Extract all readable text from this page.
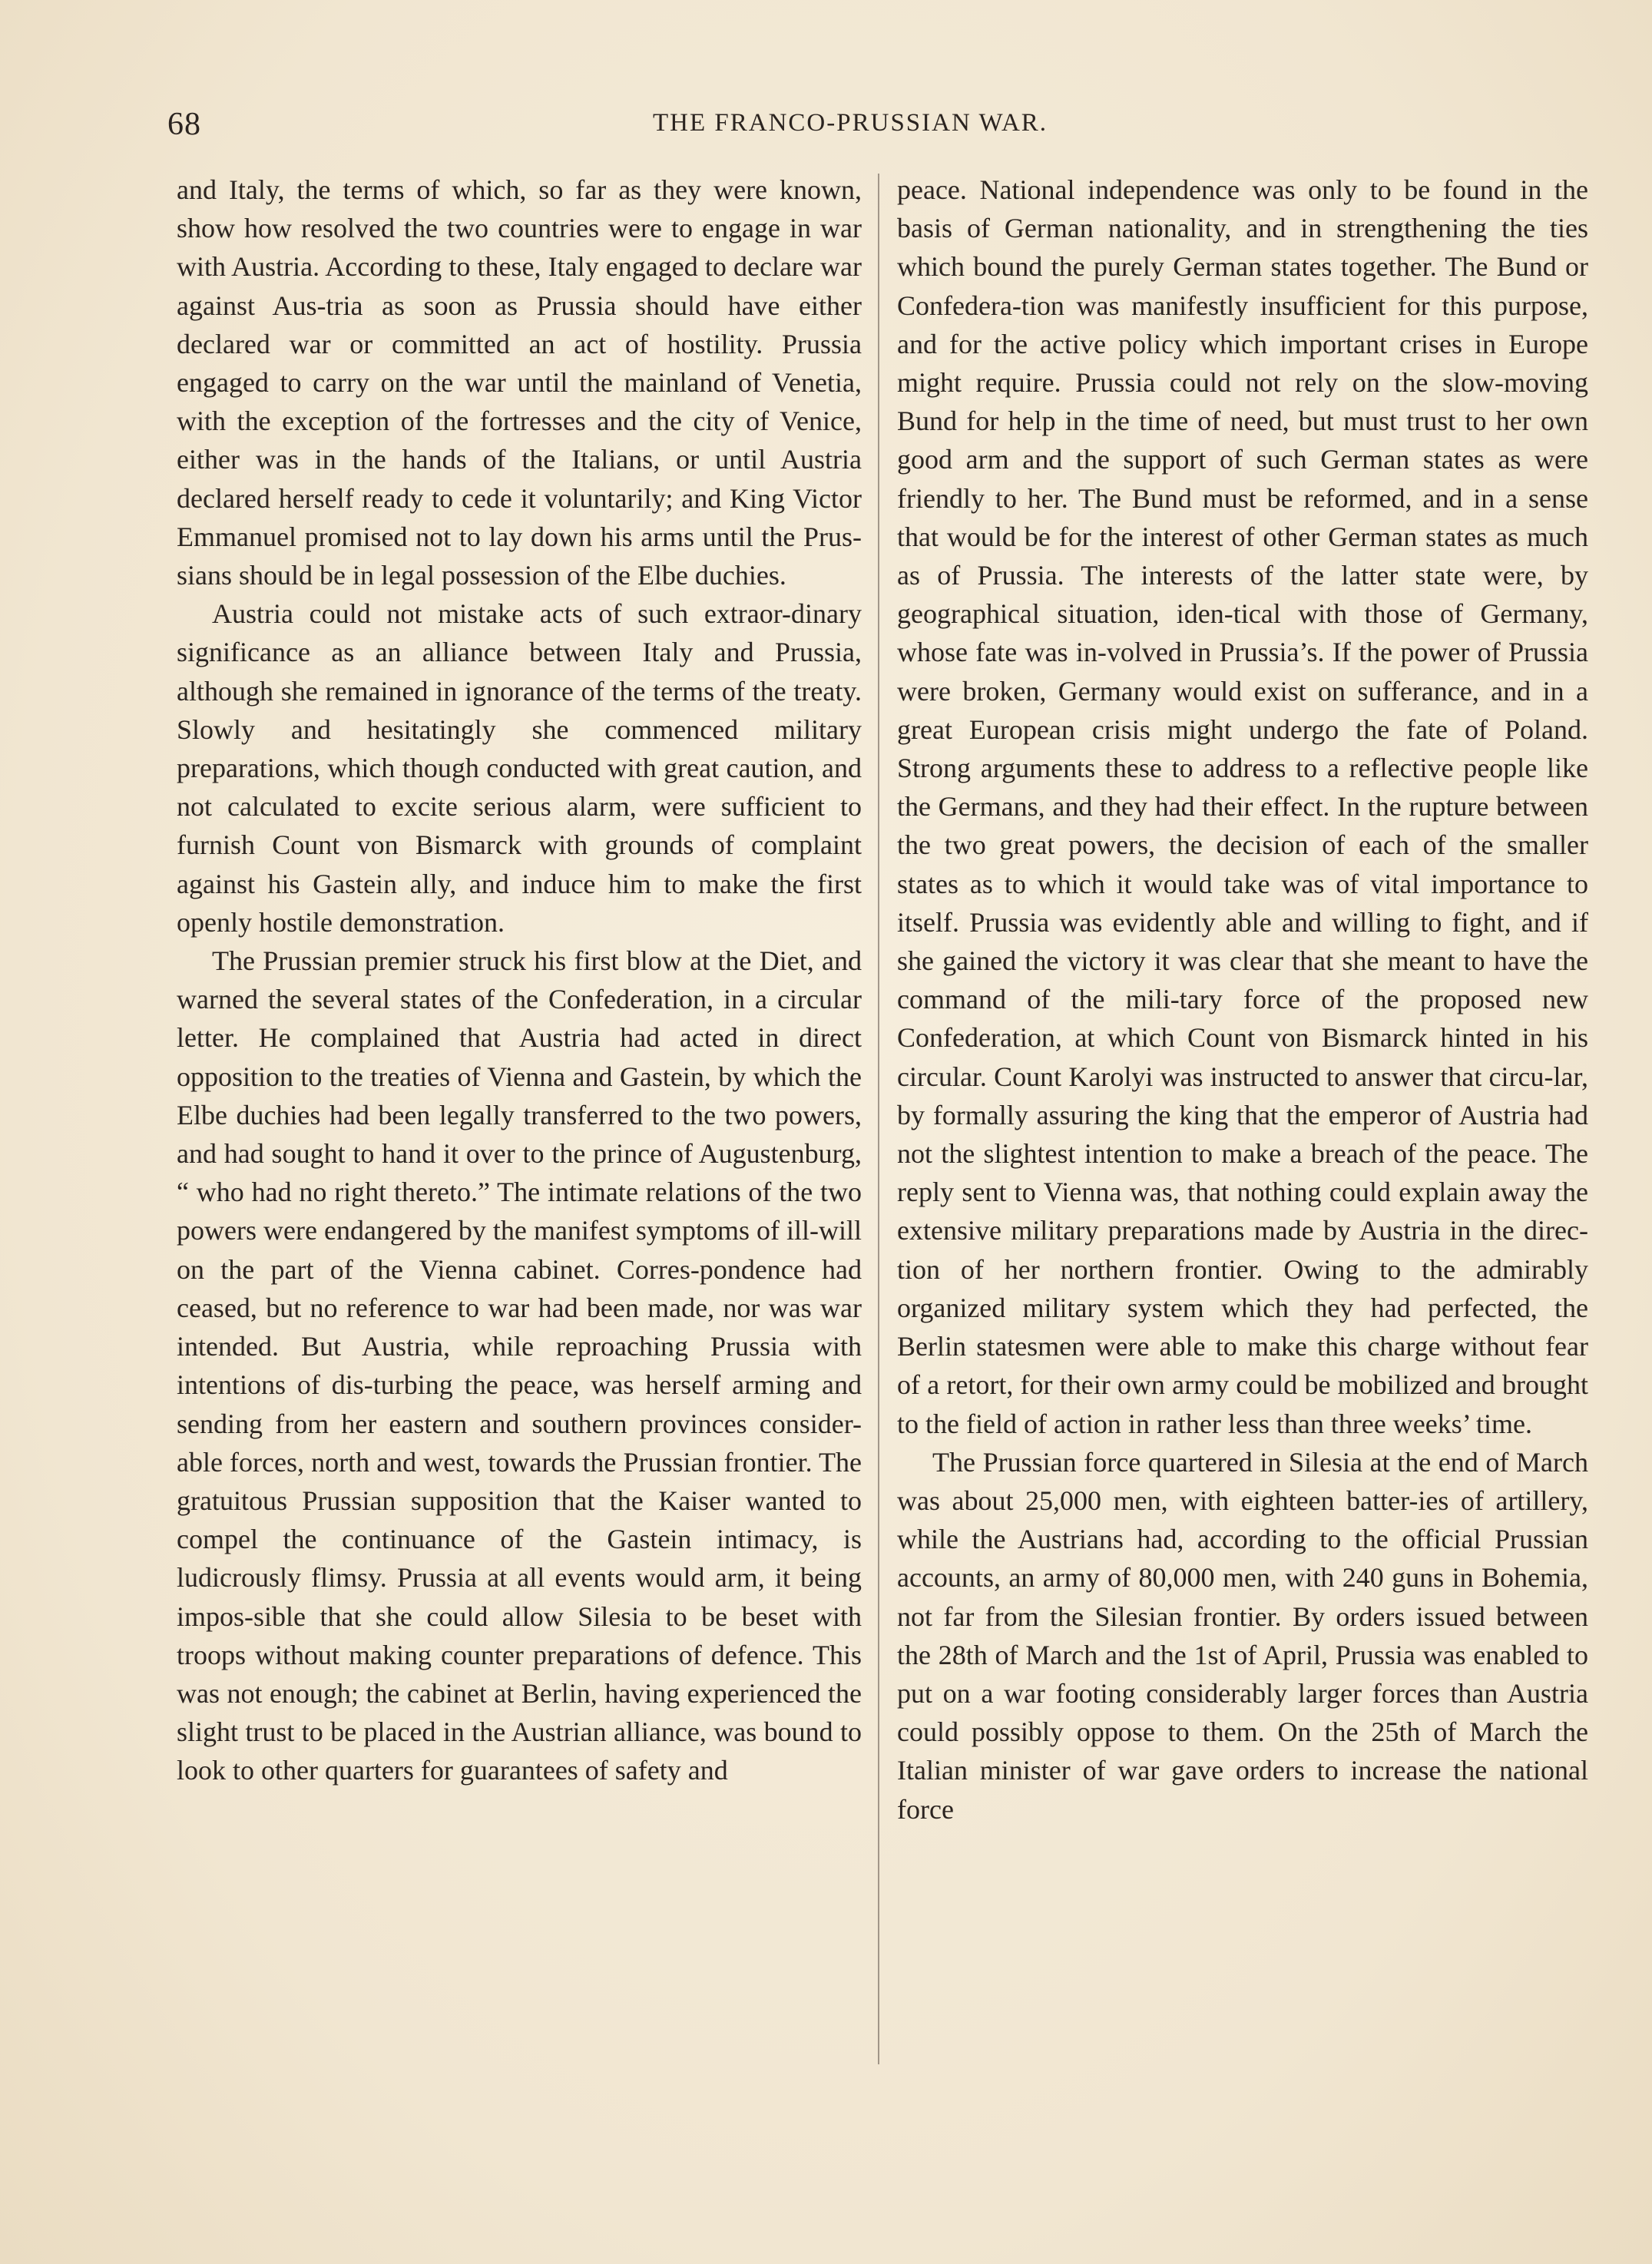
68	THE FRANCO-PRUSSIAN WAR.

and Italy, the terms of which, so far as they were known, show how resolved the two countries were to engage in war with Austria. According to these, Italy engaged to declare war against Aus-tria as soon as Prussia should have either declared war or committed an act of hostility. Prussia engaged to carry on the war until the mainland of Venetia, with the exception of the fortresses and the city of Venice, either was in the hands of the Italians, or until Austria declared herself ready to cede it voluntarily; and King Victor Emmanuel promised not to lay down his arms until the Prus-sians should be in legal possession of the Elbe duchies.

Austria could not mistake acts of such extraor-dinary significance as an alliance between Italy and Prussia, although she remained in ignorance of the terms of the treaty. Slowly and hesitatingly she commenced military preparations, which though conducted with great caution, and not calculated to excite serious alarm, were sufficient to furnish Count von Bismarck with grounds of complaint against his Gastein ally, and induce him to make the first openly hostile demonstration.

The Prussian premier struck his first blow at the Diet, and warned the several states of the Confederation, in a circular letter. He complained that Austria had acted in direct opposition to the treaties of Vienna and Gastein, by which the Elbe duchies had been legally transferred to the two powers, and had sought to hand it over to the prince of Augustenburg, “ who had no right thereto.” The intimate relations of the two powers were endangered by the manifest symptoms of ill-will on the part of the Vienna cabinet. Corres-pondence had ceased, but no reference to war had been made, nor was war intended. But Austria, while reproaching Prussia with intentions of dis-turbing the peace, was herself arming and sending from her eastern and southern provinces consider-able forces, north and west, towards the Prussian frontier. The gratuitous Prussian supposition that the Kaiser wanted to compel the continuance of the Gastein intimacy, is ludicrously flimsy. Prussia at all events would arm, it being impos-sible that she could allow Silesia to be beset with troops without making counter preparations of defence. This was not enough; the cabinet at Berlin, having experienced the slight trust to be placed in the Austrian alliance, was bound to look to other quarters for guarantees of safety and

peace. National independence was only to be found in the basis of German nationality, and in strengthening the ties which bound the purely German states together. The Bund or Confedera-tion was manifestly insufficient for this purpose, and for the active policy which important crises in Europe might require. Prussia could not rely on the slow-moving Bund for help in the time of need, but must trust to her own good arm and the support of such German states as were friendly to her. The Bund must be reformed, and in a sense that would be for the interest of other German states as much as of Prussia. The interests of the latter state were, by geographical situation, iden-tical with those of Germany, whose fate was in-volved in Prussia’s. If the power of Prussia were broken, Germany would exist on sufferance, and in a great European crisis might undergo the fate of Poland. Strong arguments these to address to a reflective people like the Germans, and they had their effect. In the rupture between the two great powers, the decision of each of the smaller states as to which it would take was of vital importance to itself. Prussia was evidently able and willing to fight, and if she gained the victory it was clear that she meant to have the command of the mili-tary force of the proposed new Confederation, at which Count von Bismarck hinted in his circular. Count Karolyi was instructed to answer that circu-lar, by formally assuring the king that the emperor of Austria had not the slightest intention to make a breach of the peace. The reply sent to Vienna was, that nothing could explain away the extensive military preparations made by Austria in the direc-tion of her northern frontier. Owing to the admirably organized military system which they had perfected, the Berlin statesmen were able to make this charge without fear of a retort, for their own army could be mobilized and brought to the field of action in rather less than three weeks’ time.

The Prussian force quartered in Silesia at the end of March was about 25,000 men, with eighteen batter-ies of artillery, while the Austrians had, according to the official Prussian accounts, an army of 80,000 men, with 240 guns in Bohemia, not far from the Silesian frontier. By orders issued between the 28th of March and the 1st of April, Prussia was enabled to put on a war footing considerably larger forces than Austria could possibly oppose to them. On the 25th of March the Italian minister of war gave orders to increase the national force
